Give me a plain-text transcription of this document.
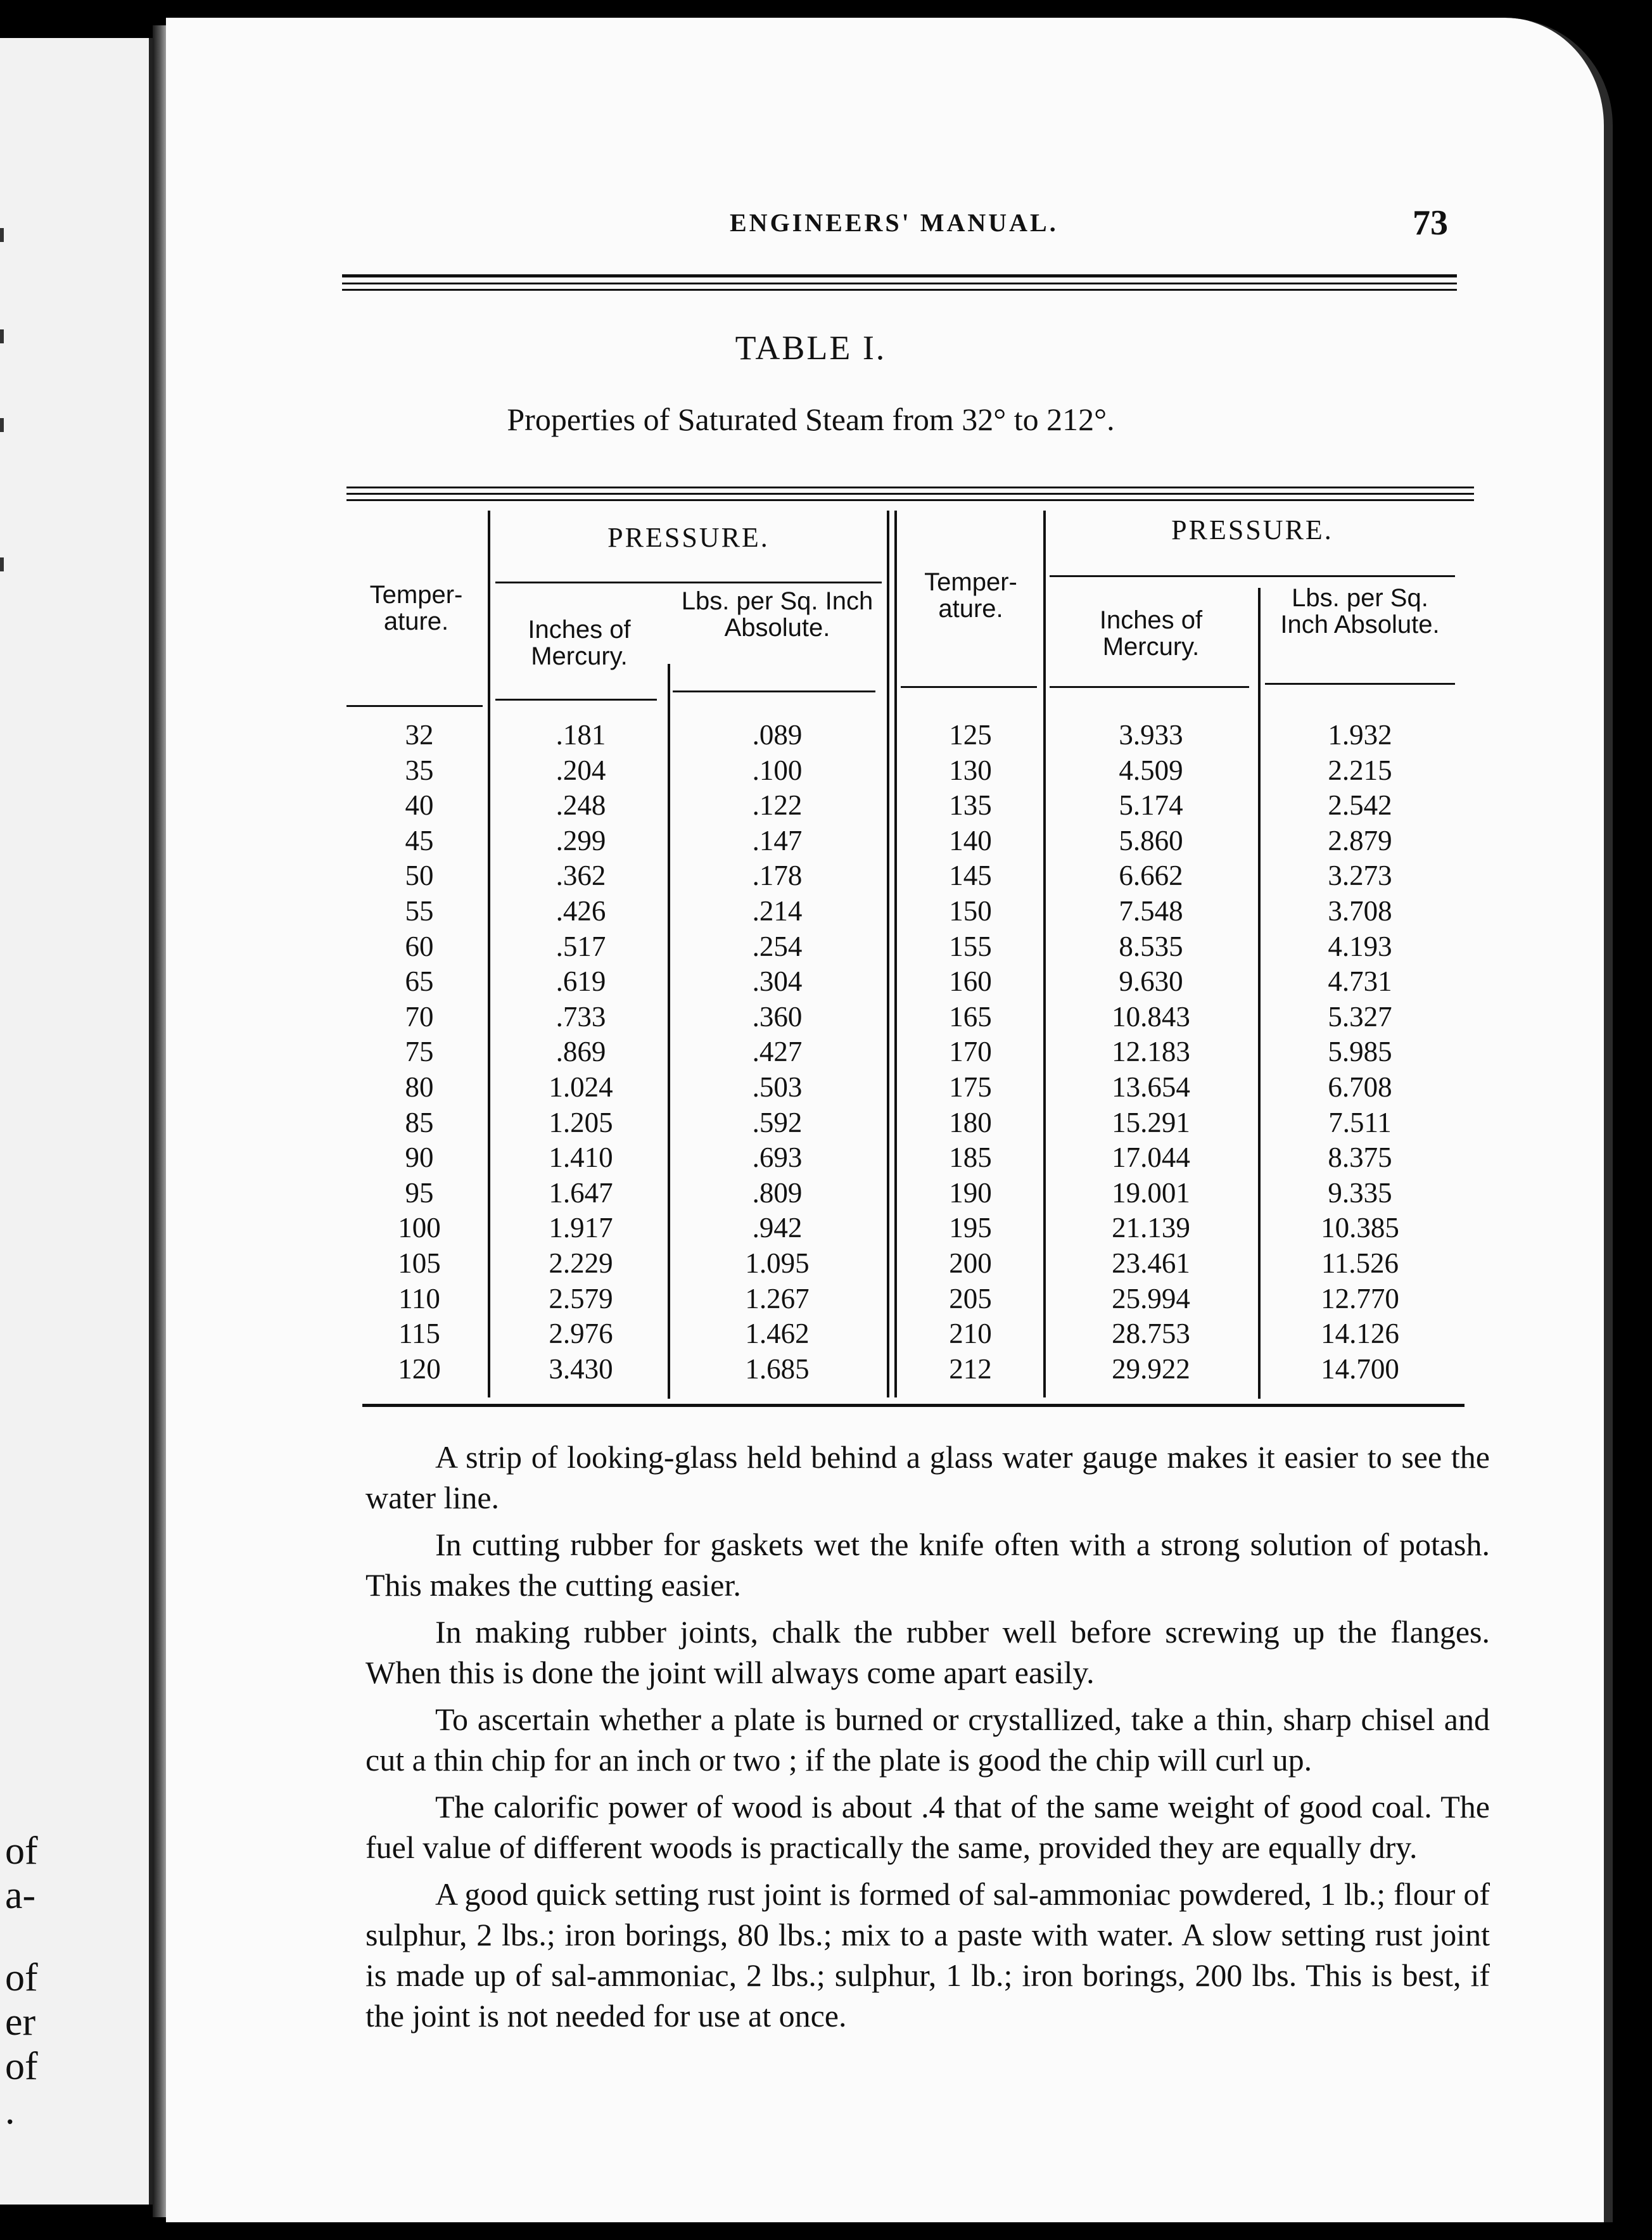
of
a-
of
er
of
.
ENGINEERS' MANUAL.	73
TABLE I.
Properties of Saturated Steam from 32° to 212°.
Temper-ature.
PRESSURE.
Inches of Mercury.
Lbs. per Sq. Inch Absolute.
Temper-ature.
PRESSURE.
Inches of Mercury.
Lbs. per Sq. Inch Absolute.
32
35
40
45
50
55
60
65
70
75
80
85
90
95
100
105
110
115
120
.181
.204
.248
.299
.362
.426
.517
.619
.733
.869
1.024
1.205
1.410
1.647
1.917
2.229
2.579
2.976
3.430
.089
.100
.122
.147
.178
.214
.254
.304
.360
.427
.503
.592
.693
.809
.942
1.095
1.267
1.462
1.685
125
130
135
140
145
150
155
160
165
170
175
180
185
190
195
200
205
210
212
3.933
4.509
5.174
5.860
6.662
7.548
8.535
9.630
10.843
12.183
13.654
15.291
17.044
19.001
21.139
23.461
25.994
28.753
29.922
1.932
2.215
2.542
2.879
3.273
3.708
4.193
4.731
5.327
5.985
6.708
7.511
8.375
9.335
10.385
11.526
12.770
14.126
14.700

A strip of looking-glass held behind a glass water gauge makes it easier to see the water line.

In cutting rubber for gaskets wet the knife often with a strong solution of potash. This makes the cutting easier.

In making rubber joints, chalk the rubber well before screwing up the flanges. When this is done the joint will always come apart easily.

To ascertain whether a plate is burned or crystallized, take a thin, sharp chisel and cut a thin chip for an inch or two ; if the plate is good the chip will curl up.

The calorific power of wood is about .4 that of the same weight of good coal. The fuel value of different woods is practically the same, provided they are equally dry.

A good quick setting rust joint is formed of sal-ammoniac powdered, 1 lb.; flour of sulphur, 2 lbs.; iron borings, 80 lbs.; mix to a paste with water. A slow setting rust joint is made up of sal-ammoniac, 2 lbs.; sulphur, 1 lb.; iron borings, 200 lbs. This is best, if the joint is not needed for use at once.
